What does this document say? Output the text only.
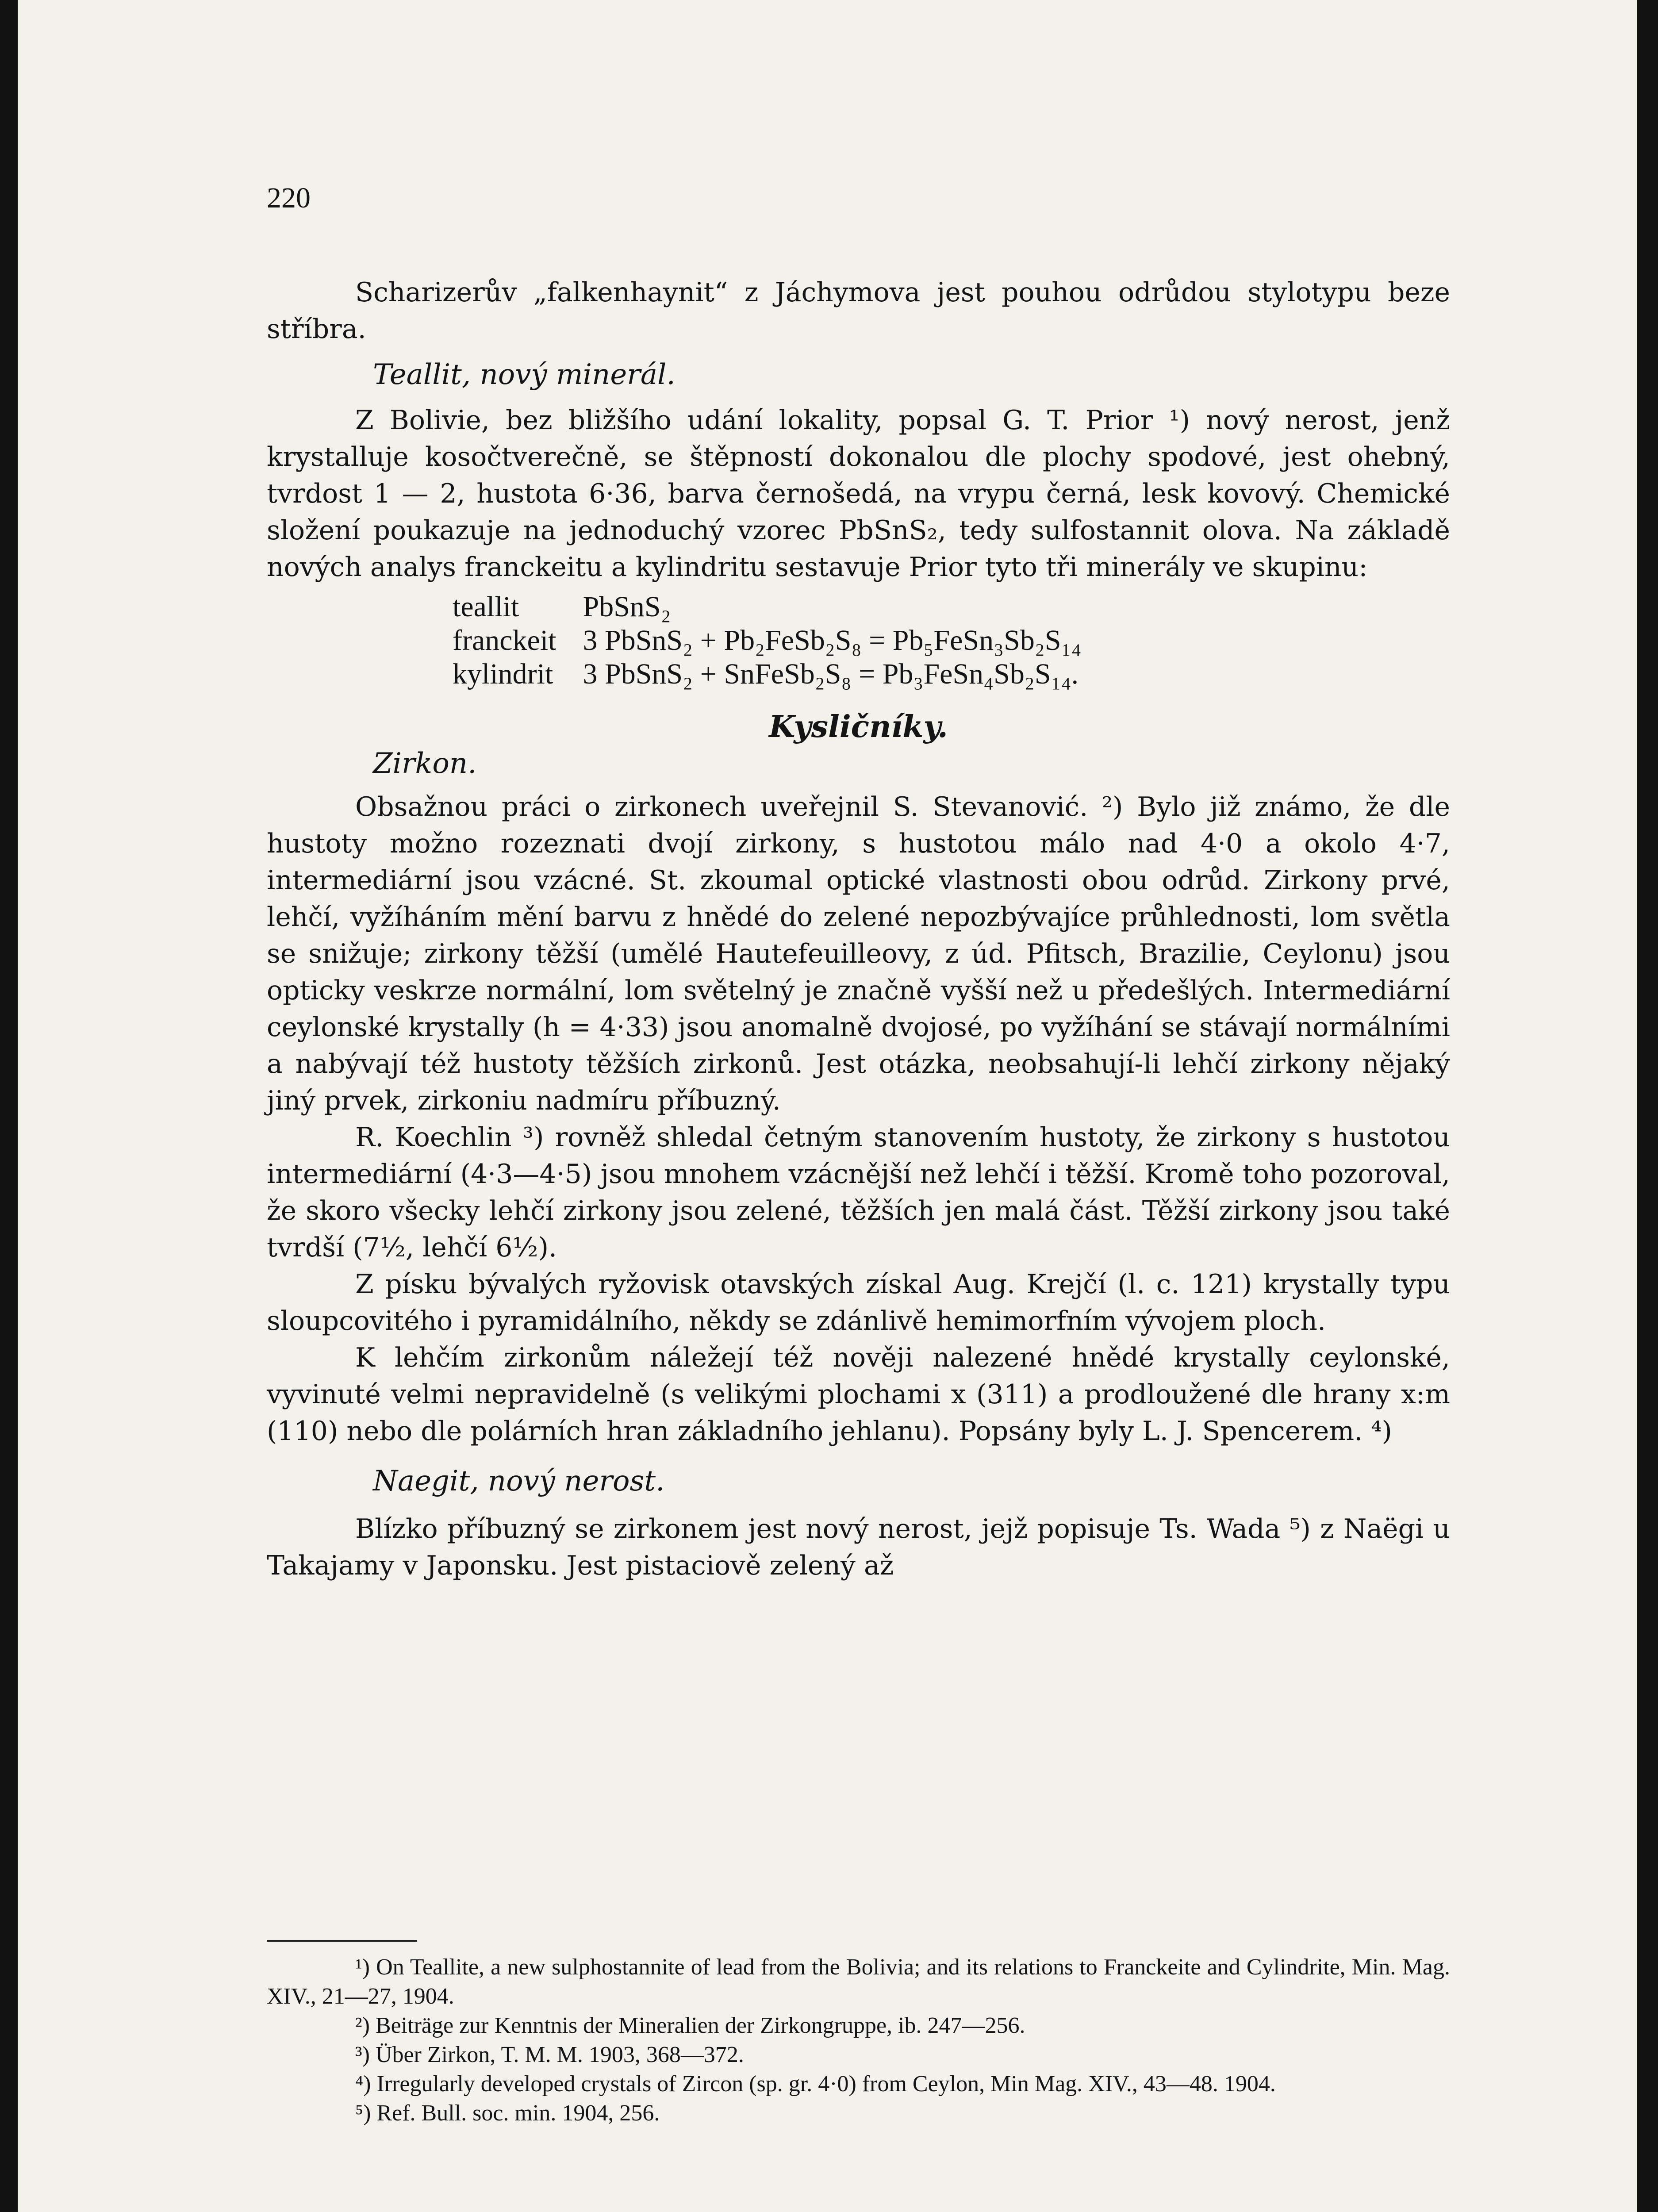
220

Scharizerův „falkenhaynit“ z Jáchymova jest pouhou odrůdou stylotypu beze stříbra.

Teallit, nový minerál.

Z Bolivie, bez bližšího udání lokality, popsal G. T. Prior ¹) nový nerost, jenž krystalluje kosočtverečně, se štěpností dokonalou dle plochy spodové, jest ohebný, tvrdost 1 — 2, hustota 6·36, barva černošedá, na vrypu černá, lesk kovový. Chemické složení poukazuje na jednoduchý vzorec PbSnS₂, tedy sulfostannit olova. Na základě nových analys franckeitu a kylindritu sestavuje Prior tyto tři minerály ve skupinu:

teallit	PbSnS₂
franckeit	3 PbSnS₂ + Pb₂FeSb₂S₈ = Pb₅FeSn₃Sb₂S₁₄
kylindrit	3 PbSnS₂ + SnFeSb₂S₈ = Pb₃FeSn₄Sb₂S₁₄.

Kysličníky.

Zirkon.

Obsažnou práci o zirkonech uveřejnil S. Stevanović. ²) Bylo již známo, že dle hustoty možno rozeznati dvojí zirkony, s hustotou málo nad 4·0 a okolo 4·7, intermediární jsou vzácné. St. zkoumal optické vlastnosti obou odrůd. Zirkony prvé, lehčí, vyžíháním mění barvu z hnědé do zelené nepozbývajíce průhlednosti, lom světla se snižuje; zirkony těžší (umělé Hautefeuilleovy, z úd. Pfitsch, Brazilie, Ceylonu) jsou opticky veskrze normální, lom světelný je značně vyšší než u předešlých. Intermediární ceylonské krystally (h = 4·33) jsou anomalně dvojosé, po vyžíhání se stávají normálními a nabývají též hustoty těžších zirkonů. Jest otázka, neobsahují-li lehčí zirkony nějaký jiný prvek, zirkoniu nadmíru příbuzný.

R. Koechlin ³) rovněž shledal četným stanovením hustoty, že zirkony s hustotou intermediární (4·3—4·5) jsou mnohem vzácnější než lehčí i těžší. Kromě toho pozoroval, že skoro všecky lehčí zirkony jsou zelené, těžších jen malá část. Těžší zirkony jsou také tvrdší (7½, lehčí 6½).

Z písku bývalých ryžovisk otavských získal Aug. Krejčí (l. c. 121) krystally typu sloupcovitého i pyramidálního, někdy se zdánlivě hemimorfním vývojem ploch.

K lehčím zirkonům náležejí též nověji nalezené hnědé krystally ceylonské, vyvinuté velmi nepravidelně (s velikými plochami x (311) a prodloužené dle hrany x:m (110) nebo dle polárních hran základního jehlanu). Popsány byly L. J. Spencerem. ⁴)

Naegit, nový nerost.

Blízko příbuzný se zirkonem jest nový nerost, jejž popisuje Ts. Wada ⁵) z Naëgi u Takajamy v Japonsku. Jest pistaciově zelený až

¹) On Teallite, a new sulphostannite of lead from the Bolivia; and its relations to Franckeite and Cylindrite, Min. Mag. XIV., 21—27, 1904.

²) Beiträge zur Kenntnis der Mineralien der Zirkongruppe, ib. 247—256.

³) Über Zirkon, T. M. M. 1903, 368—372.

⁴) Irregularly developed crystals of Zircon (sp. gr. 4·0) from Ceylon, Min Mag. XIV., 43—48. 1904.

⁵) Ref. Bull. soc. min. 1904, 256.
